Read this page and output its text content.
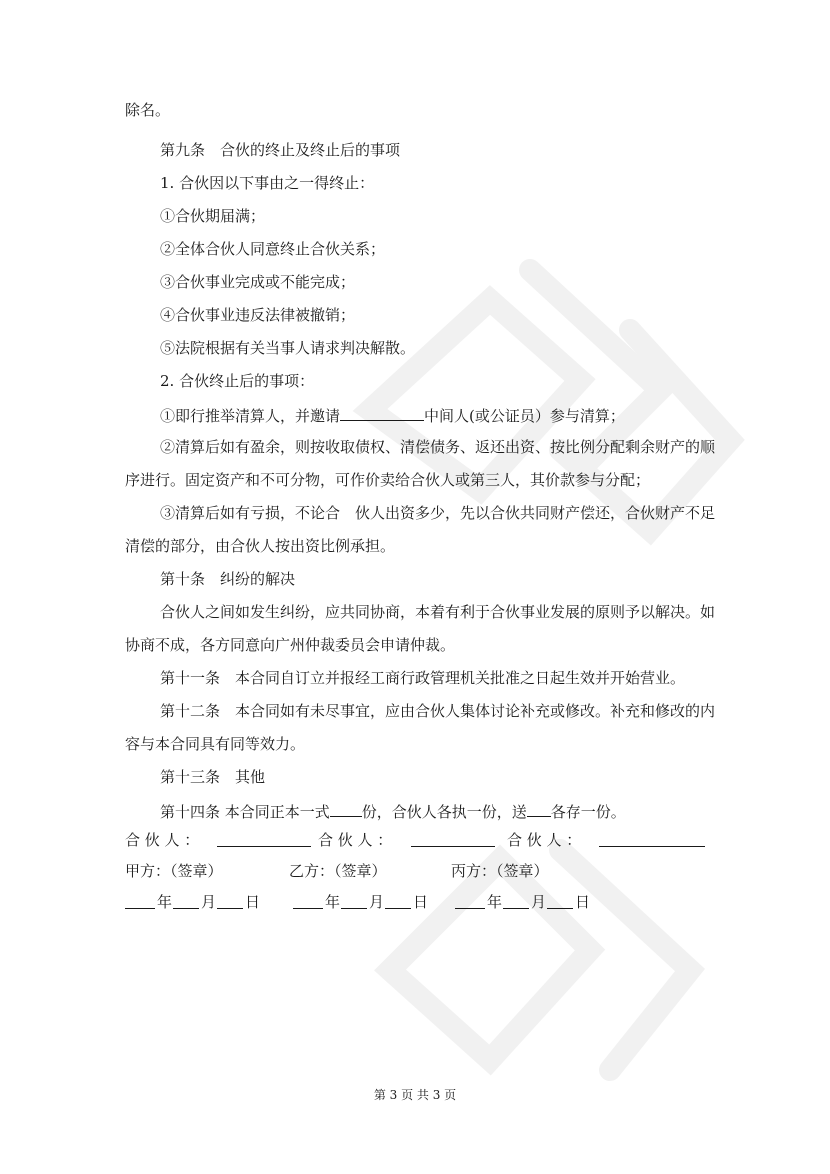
除名。
第九条　合伙的终止及终止后的事项
1. 合伙因以下事由之一得终止：
①合伙期届满；
②全体合伙人同意终止合伙关系；
③合伙事业完成或不能完成；
④合伙事业违反法律被撤销；
⑤法院根据有关当事人请求判决解散。
2. 合伙终止后的事项：
①即行推举清算人，并邀请	中间人(或公证员）参与清算；
②清算后如有盈余，则按收取债权、清偿债务、返还出资、按比例分配剩余财产的顺
序进行。固定资产和不可分物，可作价卖给合伙人或第三人，其价款参与分配；
③清算后如有亏损，不论合　伙人出资多少，先以合伙共同财产偿还，合伙财产不足
清偿的部分，由合伙人按出资比例承担。
第十条　纠纷的解决
合伙人之间如发生纠纷，应共同协商，本着有利于合伙事业发展的原则予以解决。如
协商不成，各方同意向广州仲裁委员会申请仲裁。
第十一条　本合同自订立并报经工商行政管理机关批准之日起生效并开始营业。
第十二条　本合同如有未尽事宜，应由合伙人集体讨论补充或修改。补充和修改的内
容与本合同具有同等效力。
第十三条　其他
第十四条 本合同正本一式 份，合伙人各执一份，送 各存一份。
合 伙 人 ：	合 伙 人 ：	合 伙 人 ：
甲方：（签章）	乙方：（签章）	丙方：（签章）
年 月 日	年 月 日	年 月 日
第 3 页 共 3 页
